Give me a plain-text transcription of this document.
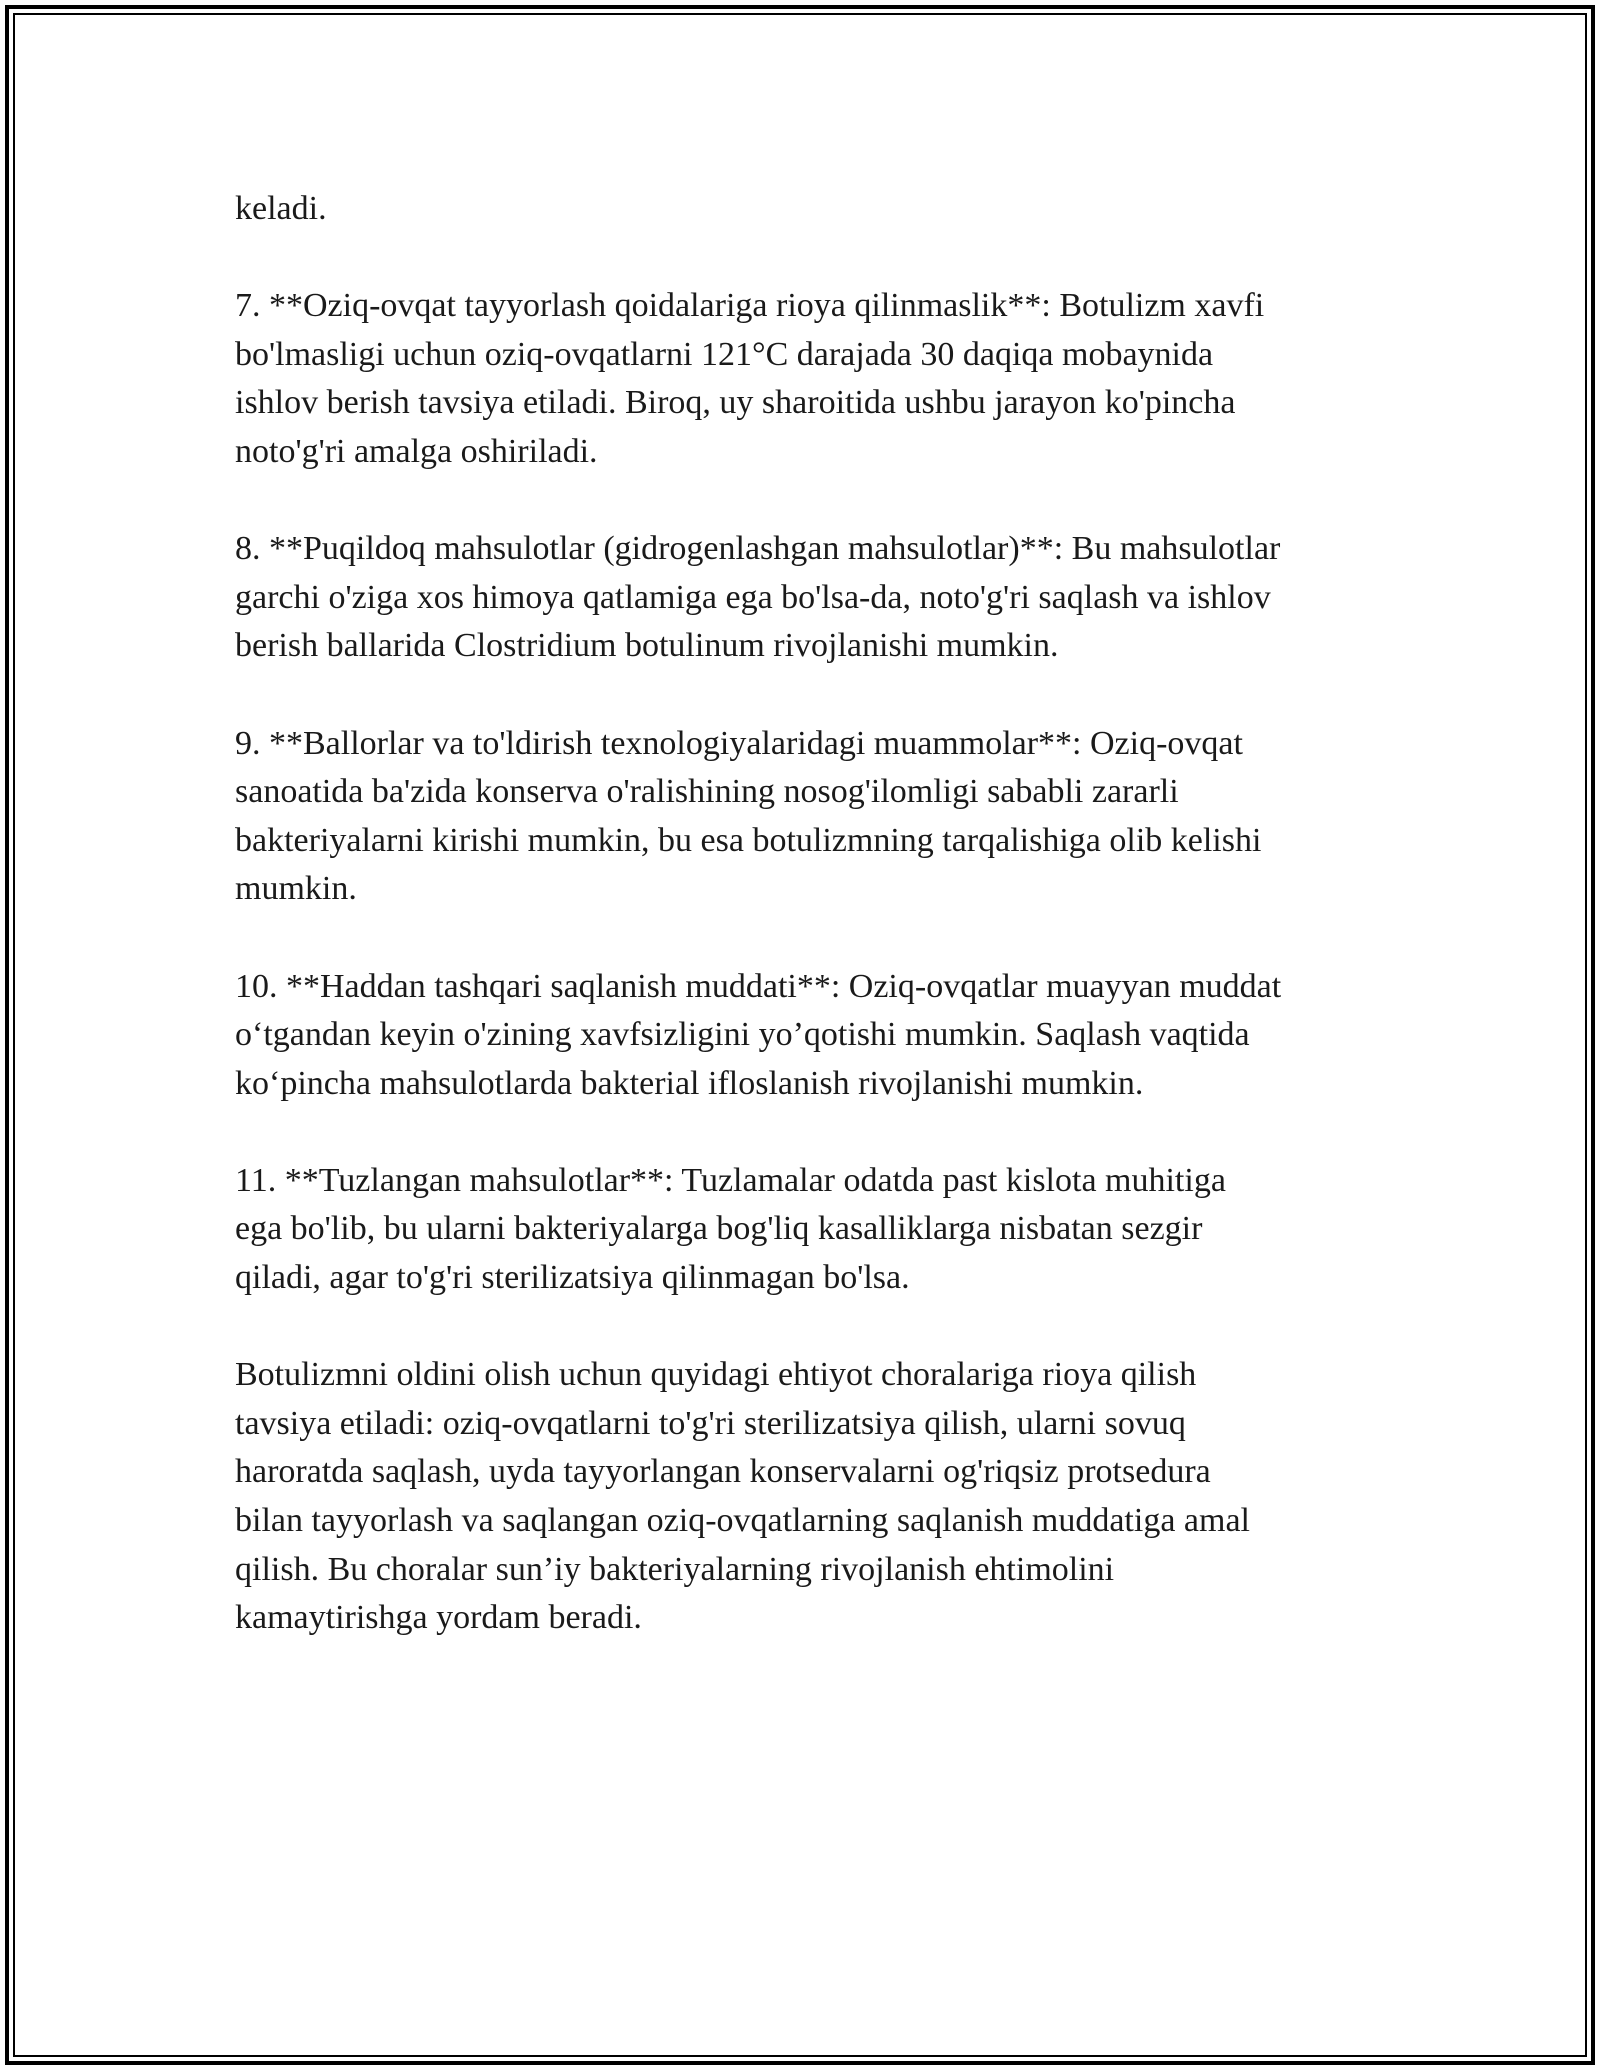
keladi.

7. **Oziq-ovqat tayyorlash qoidalariga rioya qilinmaslik**: Botulizm xavfi
bo'lmasligi uchun oziq-ovqatlarni 121°C darajada 30 daqiqa mobaynida
ishlov berish tavsiya etiladi. Biroq, uy sharoitida ushbu jarayon ko'pincha
noto'g'ri amalga oshiriladi.

8. **Puqildoq mahsulotlar (gidrogenlashgan mahsulotlar)**: Bu mahsulotlar
garchi o'ziga xos himoya qatlamiga ega bo'lsa-da, noto'g'ri saqlash va ishlov
berish ballarida Clostridium botulinum rivojlanishi mumkin.

9. **Ballorlar va to'ldirish texnologiyalaridagi muammolar**: Oziq-ovqat
sanoatida ba'zida konserva o'ralishining nosog'ilomligi sababli zararli
bakteriyalarni kirishi mumkin, bu esa botulizmning tarqalishiga olib kelishi
mumkin.

10. **Haddan tashqari saqlanish muddati**: Oziq-ovqatlar muayyan muddat
o‘tgandan keyin o'zining xavfsizligini yo’qotishi mumkin. Saqlash vaqtida
ko‘pincha mahsulotlarda bakterial ifloslanish rivojlanishi mumkin.

11. **Tuzlangan mahsulotlar**: Tuzlamalar odatda past kislota muhitiga
ega bo'lib, bu ularni bakteriyalarga bog'liq kasalliklarga nisbatan sezgir
qiladi, agar to'g'ri sterilizatsiya qilinmagan bo'lsa.

Botulizmni oldini olish uchun quyidagi ehtiyot choralariga rioya qilish
tavsiya etiladi: oziq-ovqatlarni to'g'ri sterilizatsiya qilish, ularni sovuq
haroratda saqlash, uyda tayyorlangan konservalarni og'riqsiz protsedura
bilan tayyorlash va saqlangan oziq-ovqatlarning saqlanish muddatiga amal
qilish. Bu choralar sun’iy bakteriyalarning rivojlanish ehtimolini
kamaytirishga yordam beradi.
